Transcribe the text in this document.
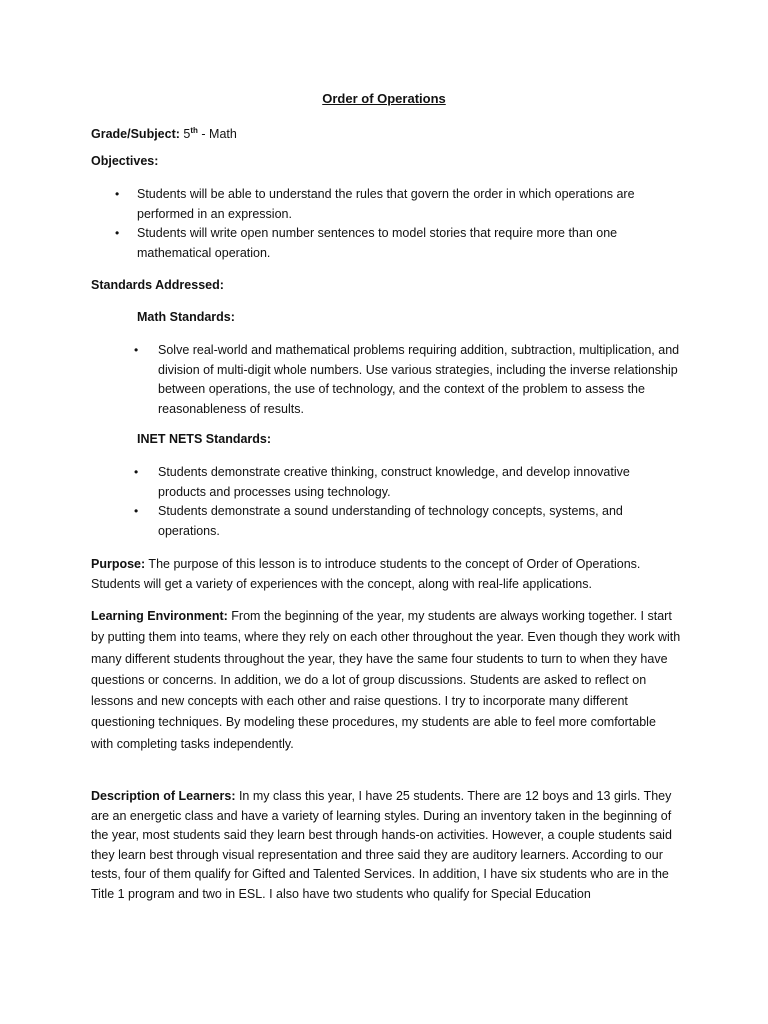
Order of Operations
Grade/Subject: 5th - Math
Objectives:
• Students will be able to understand the rules that govern the order in which operations are performed in an expression.
• Students will write open number sentences to model stories that require more than one mathematical operation.
Standards Addressed:
Math Standards:
• Solve real-world and mathematical problems requiring addition, subtraction, multiplication, and division of multi-digit whole numbers. Use various strategies, including the inverse relationship between operations, the use of technology, and the context of the problem to assess the reasonableness of results.
INET NETS Standards:
• Students demonstrate creative thinking, construct knowledge, and develop innovative products and processes using technology.
• Students demonstrate a sound understanding of technology concepts, systems, and operations.
Purpose: The purpose of this lesson is to introduce students to the concept of Order of Operations. Students will get a variety of experiences with the concept, along with real-life applications.
Learning Environment: From the beginning of the year, my students are always working together. I start by putting them into teams, where they rely on each other throughout the year. Even though they work with many different students throughout the year, they have the same four students to turn to when they have questions or concerns. In addition, we do a lot of group discussions. Students are asked to reflect on lessons and new concepts with each other and raise questions. I try to incorporate many different questioning techniques. By modeling these procedures, my students are able to feel more comfortable with completing tasks independently.
Description of Learners: In my class this year, I have 25 students. There are 12 boys and 13 girls. They are an energetic class and have a variety of learning styles. During an inventory taken in the beginning of the year, most students said they learn best through hands-on activities. However, a couple students said they learn best through visual representation and three said they are auditory learners. According to our tests, four of them qualify for Gifted and Talented Services. In addition, I have six students who are in the Title 1 program and two in ESL. I also have two students who qualify for Special Education
